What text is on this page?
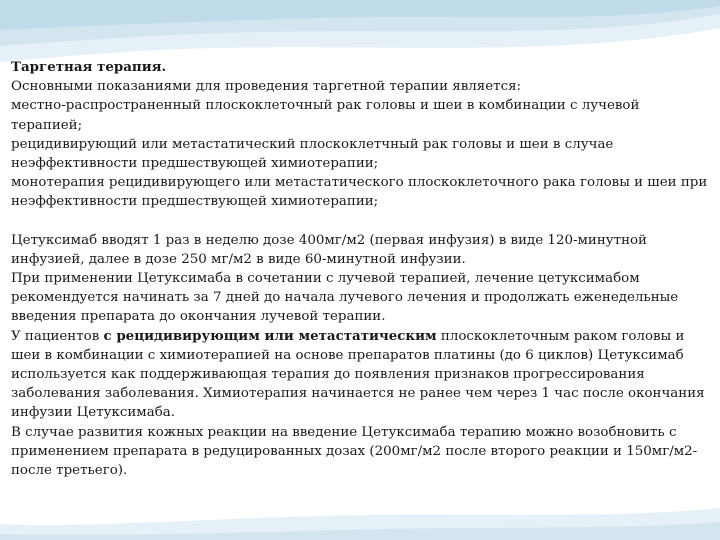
Таргетная терапия.

Основными показаниями для проведения таргетной терапии является:

местно-распространенный плоскоклеточный рак головы и шеи в комбинации с лучевой терапией;

рецидивирующий или метастатический плоскоклетчный рак головы и шеи в случае неэффективности предшествующей химиотерапии;

монотерапия рецидивирующего или метастатического плоскоклеточного рака головы и шеи при неэффективности предшествующей химиотерапии;

Цетуксимаб вводят 1 раз в неделю дозе 400мг/м2 (первая инфузия) в виде 120-минутной инфузией, далее в дозе 250 мг/м2 в виде 60-минутной инфузии.

При применении Цетуксимаба в сочетании с лучевой терапией, лечение цетуксимабом рекомендуется начинать за 7 дней до начала лучевого лечения и продолжать еженедельные введения препарата до окончания лучевой терапии.

У пациентов с рецидивирующим или метастатическим плоскоклеточным раком головы и шеи в комбинации с химиотерапией на основе препаратов платины (до 6 циклов) Цетуксимаб используется как поддерживающая терапия до появления признаков прогрессирования заболевания заболевания. Химиотерапия начинается не ранее чем через 1 час после окончания инфузии Цетуксимаба.

В случае развития кожных реакции на введение Цетуксимаба терапию можно возобновить с применением препарата в редуцированных дозах (200мг/м2 после второго реакции и 150мг/м2-после третьего).
